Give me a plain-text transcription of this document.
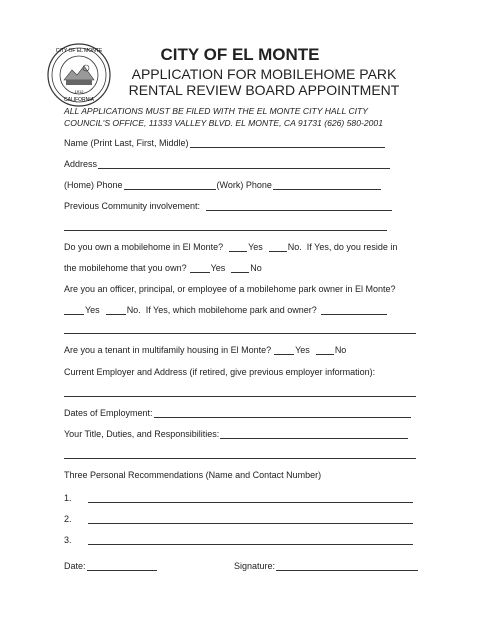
CITY OF EL MONTE
CALIFORNIA
1912
CITY OF EL MONTE
APPLICATION FOR MOBILEHOME PARK
RENTAL REVIEW BOARD APPOINTMENT
ALL APPLICATIONS MUST BE FILED WITH THE EL MONTE CITY HALL CITY COUNCIL'S OFFICE, 11333 VALLEY BLVD. EL MONTE, CA 91731 (626) 580-2001
Name (Print Last, First, Middle)
Address
(Home) Phone	(Work) Phone
Previous Community involvement:
Do you own a mobilehome in El Monte?	Yes	No. If Yes, do you reside in
the mobilehome that you own?	Yes	No
Are you an officer, principal, or employee of a mobilehome park owner in El Monte?
Yes	No. If Yes, which mobilehome park and owner?
Are you a tenant in multifamily housing in El Monte?	Yes	No
Current Employer and Address (if retired, give previous employer information):
Dates of Employment:
Your Title, Duties, and Responsibilities:
Three Personal Recommendations (Name and Contact Number)
1.
2.
3.
Date:	Signature:
